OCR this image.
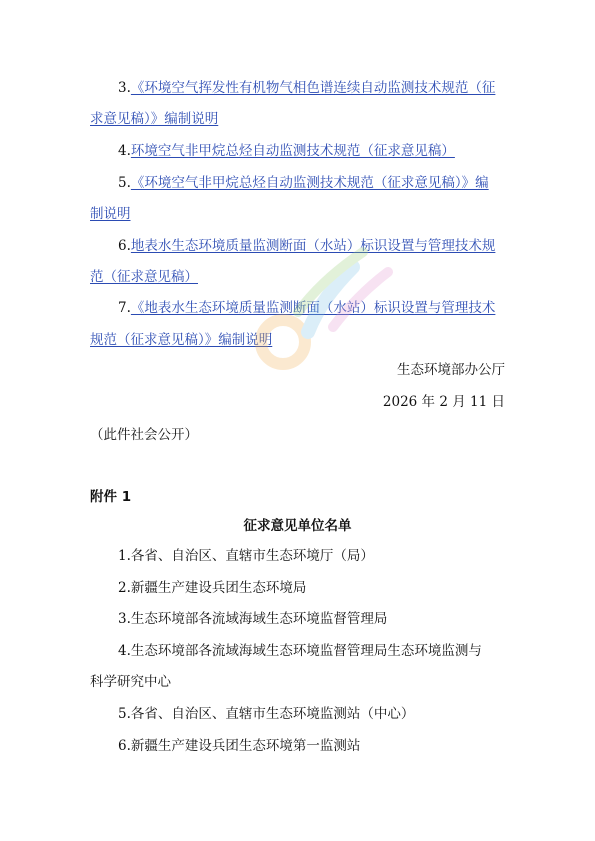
3.《环境空气挥发性有机物气相色谱连续自动监测技术规范（征
求意见稿）》编制说明
4.环境空气非甲烷总烃自动监测技术规范（征求意见稿）
5.《环境空气非甲烷总烃自动监测技术规范（征求意见稿）》编
制说明
6.地表水生态环境质量监测断面（水站）标识设置与管理技术规
范（征求意见稿）
7.《地表水生态环境质量监测断面（水站）标识设置与管理技术
规范（征求意见稿）》编制说明
生态环境部办公厅
2026 年 2 月 11 日
（此件社会公开）
附件 1
征求意见单位名单
1.各省、自治区、直辖市生态环境厅（局）
2.新疆生产建设兵团生态环境局
3.生态环境部各流域海域生态环境监督管理局
4.生态环境部各流域海域生态环境监督管理局生态环境监测与
科学研究中心
5.各省、自治区、直辖市生态环境监测站（中心）
6.新疆生产建设兵团生态环境第一监测站
